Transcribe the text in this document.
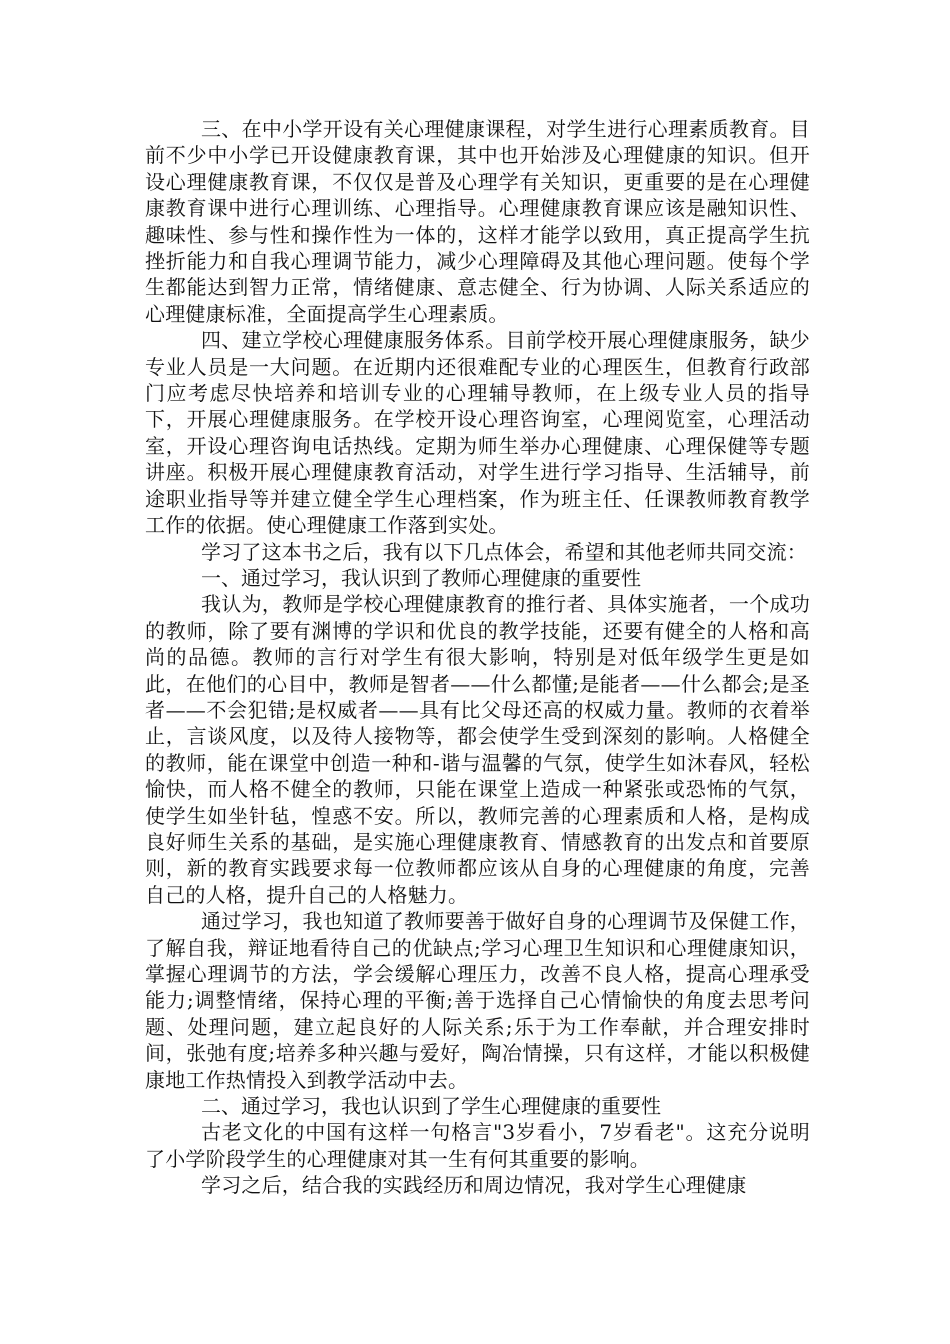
三、在中小学开设有关心理健康课程，对学生进行心理素质教育。目前不少中小学已开设健康教育课，其中也开始涉及心理健康的知识。但开设心理健康教育课，不仅仅是普及心理学有关知识，更重要的是在心理健康教育课中进行心理训练、心理指导。心理健康教育课应该是融知识性、趣味性、参与性和操作性为一体的，这样才能学以致用，真正提高学生抗挫折能力和自我心理调节能力，减少心理障碍及其他心理问题。使每个学生都能达到智力正常，情绪健康、意志健全、行为协调、人际关系适应的心理健康标准，全面提高学生心理素质。

四、建立学校心理健康服务体系。目前学校开展心理健康服务，缺少专业人员是一大问题。在近期内还很难配专业的心理医生，但教育行政部门应考虑尽快培养和培训专业的心理辅导教师，在上级专业人员的指导下，开展心理健康服务。在学校开设心理咨询室，心理阅览室，心理活动室，开设心理咨询电话热线。定期为师生举办心理健康、心理保健等专题讲座。积极开展心理健康教育活动，对学生进行学习指导、生活辅导，前途职业指导等并建立健全学生心理档案，作为班主任、任课教师教育教学工作的依据。使心理健康工作落到实处。

学习了这本书之后，我有以下几点体会，希望和其他老师共同交流：

一、通过学习，我认识到了教师心理健康的重要性

我认为，教师是学校心理健康教育的推行者、具体实施者，一个成功的教师，除了要有渊博的学识和优良的教学技能，还要有健全的人格和高尚的品德。教师的言行对学生有很大影响，特别是对低年级学生更是如此，在他们的心目中，教师是智者——什么都懂;是能者——什么都会;是圣者——不会犯错;是权威者——具有比父母还高的权威力量。教师的衣着举止，言谈风度，以及待人接物等，都会使学生受到深刻的影响。人格健全的教师，能在课堂中创造一种和-谐与温馨的气氛，使学生如沐春风，轻松愉快，而人格不健全的教师，只能在课堂上造成一种紧张或恐怖的气氛，使学生如坐针毡，惶惑不安。所以，教师完善的心理素质和人格，是构成良好师生关系的基础，是实施心理健康教育、情感教育的出发点和首要原则，新的教育实践要求每一位教师都应该从自身的心理健康的角度，完善自己的人格，提升自己的人格魅力。

通过学习，我也知道了教师要善于做好自身的心理调节及保健工作，了解自我，辩证地看待自己的优缺点;学习心理卫生知识和心理健康知识，掌握心理调节的方法，学会缓解心理压力，改善不良人格，提高心理承受能力;调整情绪，保持心理的平衡;善于选择自己心情愉快的角度去思考问题、处理问题，建立起良好的人际关系;乐于为工作奉献，并合理安排时间，张弛有度;培养多种兴趣与爱好，陶冶情操，只有这样，才能以积极健康地工作热情投入到教学活动中去。

二、通过学习，我也认识到了学生心理健康的重要性

古老文化的中国有这样一句格言"3岁看小，7岁看老"。这充分说明了小学阶段学生的心理健康对其一生有何其重要的影响。

学习之后，结合我的实践经历和周边情况，我对学生心理健康
